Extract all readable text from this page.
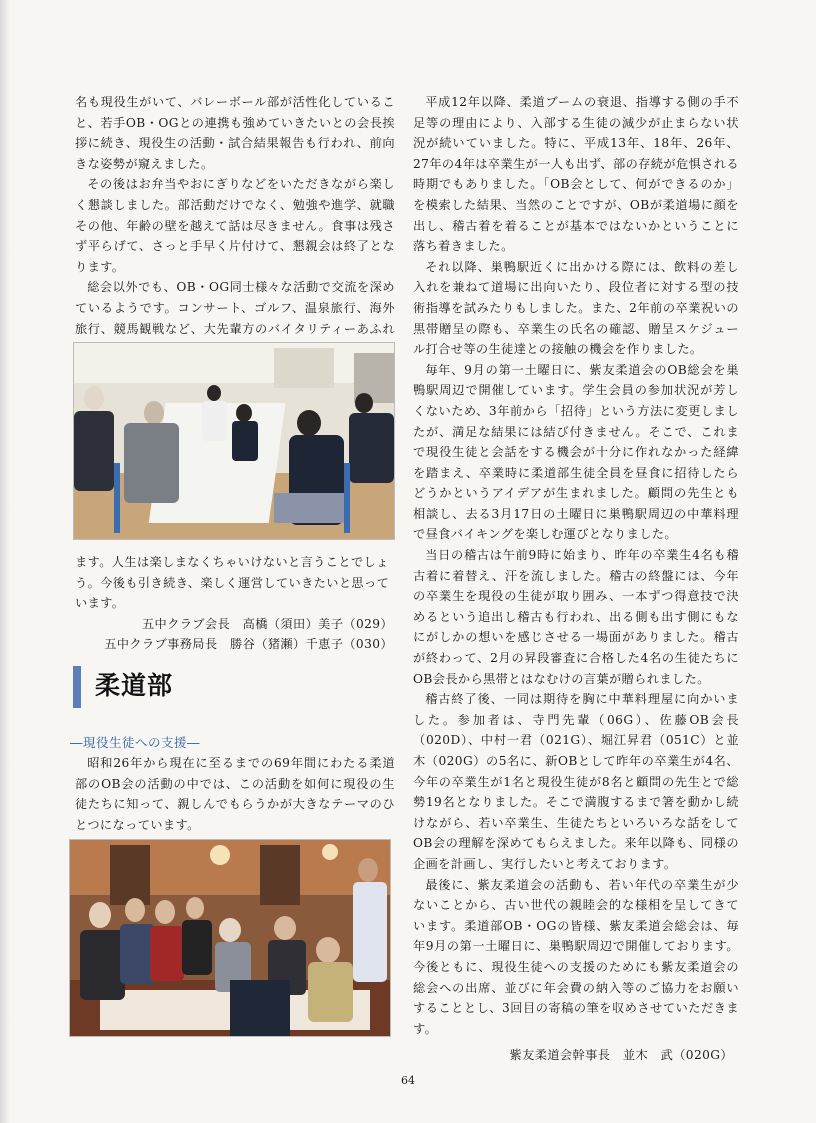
名も現役生がいて、バレーボール部が活性化していること、若手OB・OGとの連携も強めていきたいとの会長挨拶に続き、現役生の活動・試合結果報告も行われ、前向きな姿勢が窺えました。

その後はお弁当やおにぎりなどをいただきながら楽しく懇談しました。部活動だけでなく、勉強や進学、就職その他、年齢の壁を越えて話は尽きません。食事は残さず平らげて、さっと手早く片付けて、懇親会は終了となります。

総会以外でも、OB・OG同士様々な活動で交流を深めているようです。コンサート、ゴルフ、温泉旅行、海外旅行、競馬観戦など、大先輩方のバイタリティーあふれ

ます。人生は楽しまなくちゃいけないと言うことでしょう。今後も引き続き、楽しく運営していきたいと思っています。

五中クラブ会長　高橋（須田）美子（029）

五中クラブ事務局長　勝谷（猪瀬）千恵子（030）

柔道部
―現役生徒への支援―

昭和26年から現在に至るまでの69年間にわたる柔道部のOB会の活動の中では、この活動を如何に現役の生徒たちに知って、親しんでもらうかが大きなテーマのひとつになっています。

平成12年以降、柔道ブームの衰退、指導する側の手不足等の理由により、入部する生徒の減少が止まらない状況が続いていました。特に、平成13年、18年、26年、27年の4年は卒業生が一人も出ず、部の存続が危惧される時期でもありました。「OB会として、何ができるのか」を模索した結果、当然のことですが、OBが柔道場に顔を出し、稽古着を着ることが基本ではないかということに落ち着きました。

それ以降、巣鴨駅近くに出かける際には、飲料の差し入れを兼ねて道場に出向いたり、段位者に対する型の技術指導を試みたりもしました。また、2年前の卒業祝いの黒帯贈呈の際も、卒業生の氏名の確認、贈呈スケジュール打合せ等の生徒達との接触の機会を作りました。

毎年、9月の第一土曜日に、紫友柔道会のOB総会を巣鴨駅周辺で開催しています。学生会員の参加状況が芳しくないため、3年前から「招待」という方法に変更しましたが、満足な結果には結び付きません。そこで、これまで現役生徒と会話をする機会が十分に作れなかった経緯を踏まえ、卒業時に柔道部生徒全員を昼食に招待したらどうかというアイデアが生まれました。顧問の先生とも相談し、去る3月17日の土曜日に巣鴨駅周辺の中華料理で昼食バイキングを楽しむ運びとなりました。

当日の稽古は午前9時に始まり、昨年の卒業生4名も稽古着に着替え、汗を流しました。稽古の終盤には、今年の卒業生を現役の生徒が取り囲み、一本ずつ得意技で決めるという追出し稽古も行われ、出る側も出す側にもなにがしかの想いを感じさせる一場面がありました。稽古が終わって、2月の昇段審査に合格した4名の生徒たちにOB会長から黒帯とはなむけの言葉が贈られました。

稽古終了後、一同は期待を胸に中華料理屋に向かいました。参加者は、寺門先輩（06G）、佐藤OB会長（020D）、中村一君（021G）、堀江昇君（051C）と並木（020G）の5名に、新OBとして昨年の卒業生が4名、今年の卒業生が1名と現役生徒が8名と顧問の先生とで総勢19名となりました。そこで満腹するまで箸を動かし続けながら、若い卒業生、生徒たちといろいろな話をしてOB会の理解を深めてもらえました。来年以降も、同様の企画を計画し、実行したいと考えております。

最後に、紫友柔道会の活動も、若い年代の卒業生が少ないことから、古い世代の親睦会的な様相を呈してきています。柔道部OB・OGの皆様、紫友柔道会総会は、毎年9月の第一土曜日に、巣鴨駅周辺で開催しております。今後ともに、現役生徒への支援のためにも紫友柔道会の総会への出席、並びに年会費の納入等のご協力をお願いすることとし、3回目の寄稿の筆を収めさせていただきます。

紫友柔道会幹事長　並木　武（020G）

64
